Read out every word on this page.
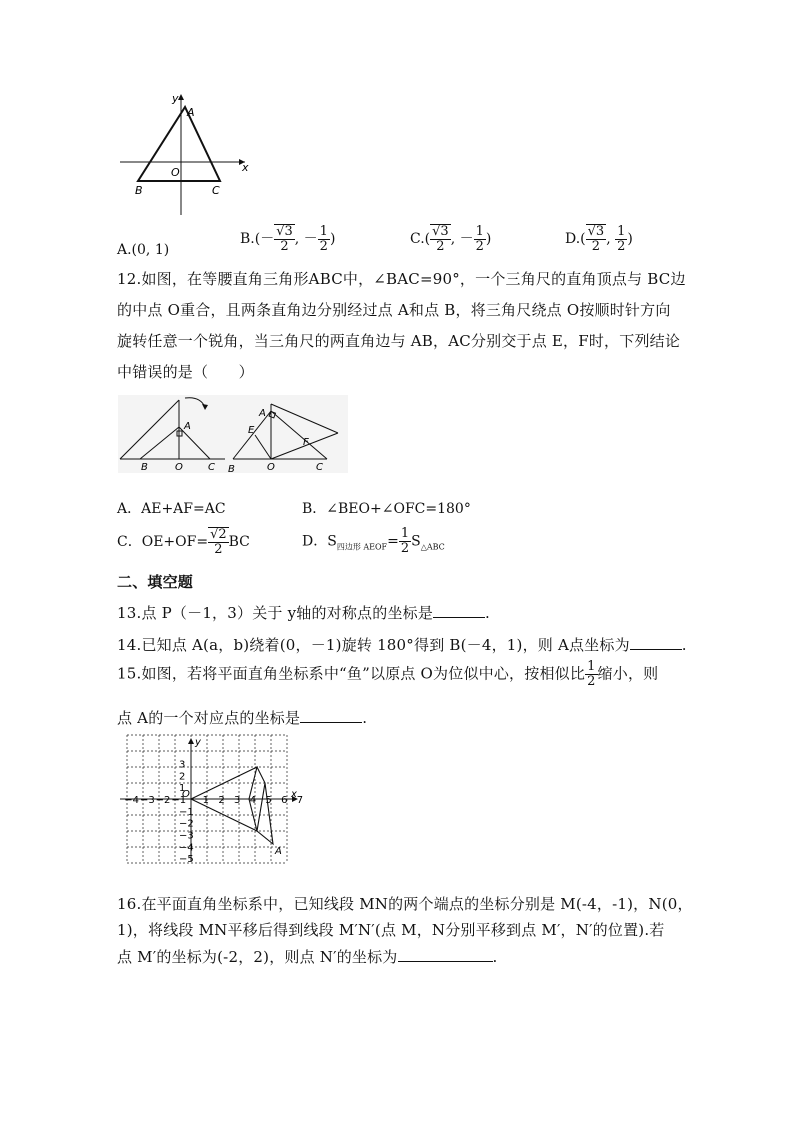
y
A
x
O
B	C
A.(0, 1)
$B.(- \frac{√3}{2}$ , － $\frac{1}{2}$ )	$C.( \frac{√3}{2}$ , － $\frac{1}{2}$ )	$D.( \frac{√3}{2}$ , $\frac{1}{2}$ )
12.如图，在等腰直角三角形ABC中，∠BAC=90°，一个三角尺的直角顶点与 BC边
的中点 O重合，且两条直角边分别经过点 A和点 B，将三角尺绕点 O按顺时针方向
旋转任意一个锐角，当三角尺的两直角边与 AB，AC分别交于点 E，F时，下列结论
中错误的是（　　）
A
B	O	C
A
E
F
B	O	C
A．AE+AF=AC	B．∠BEO+∠OFC=180°
C．$OE+OF= \frac{√2}{2}$ BC	D．$S_{四边形 AEOF}= \frac{1}{2} S_{\triangle ABC}$
二、填空题
13.点 P（－1，3）关于 y轴的对称点的坐标是	.
14.已知点 A(a，b)绕着(0，－1)旋转 180°得到 B(－4，1)，则 A点坐标为	.
15.如图，若将平面直角坐标系中“鱼”以原点 O为位似中心，按相似比 $\frac{1}{2}$ 缩小，则
点 A的一个对应点的坐标是	.
−4 −3 −2 −1 1 2 3 4 5 6 7
3
2
1
−1
−2
−3
−4
−5
y
x
O
A
16.在平面直角坐标系中，已知线段 MN的两个端点的坐标分别是 M(-4，-1)，N(0，
1)，将线段 MN平移后得到线段 M′N′(点 M，N分别平移到点 M′，N′的位置).若
点 M′的坐标为(-2，2)，则点 N′的坐标为	.
